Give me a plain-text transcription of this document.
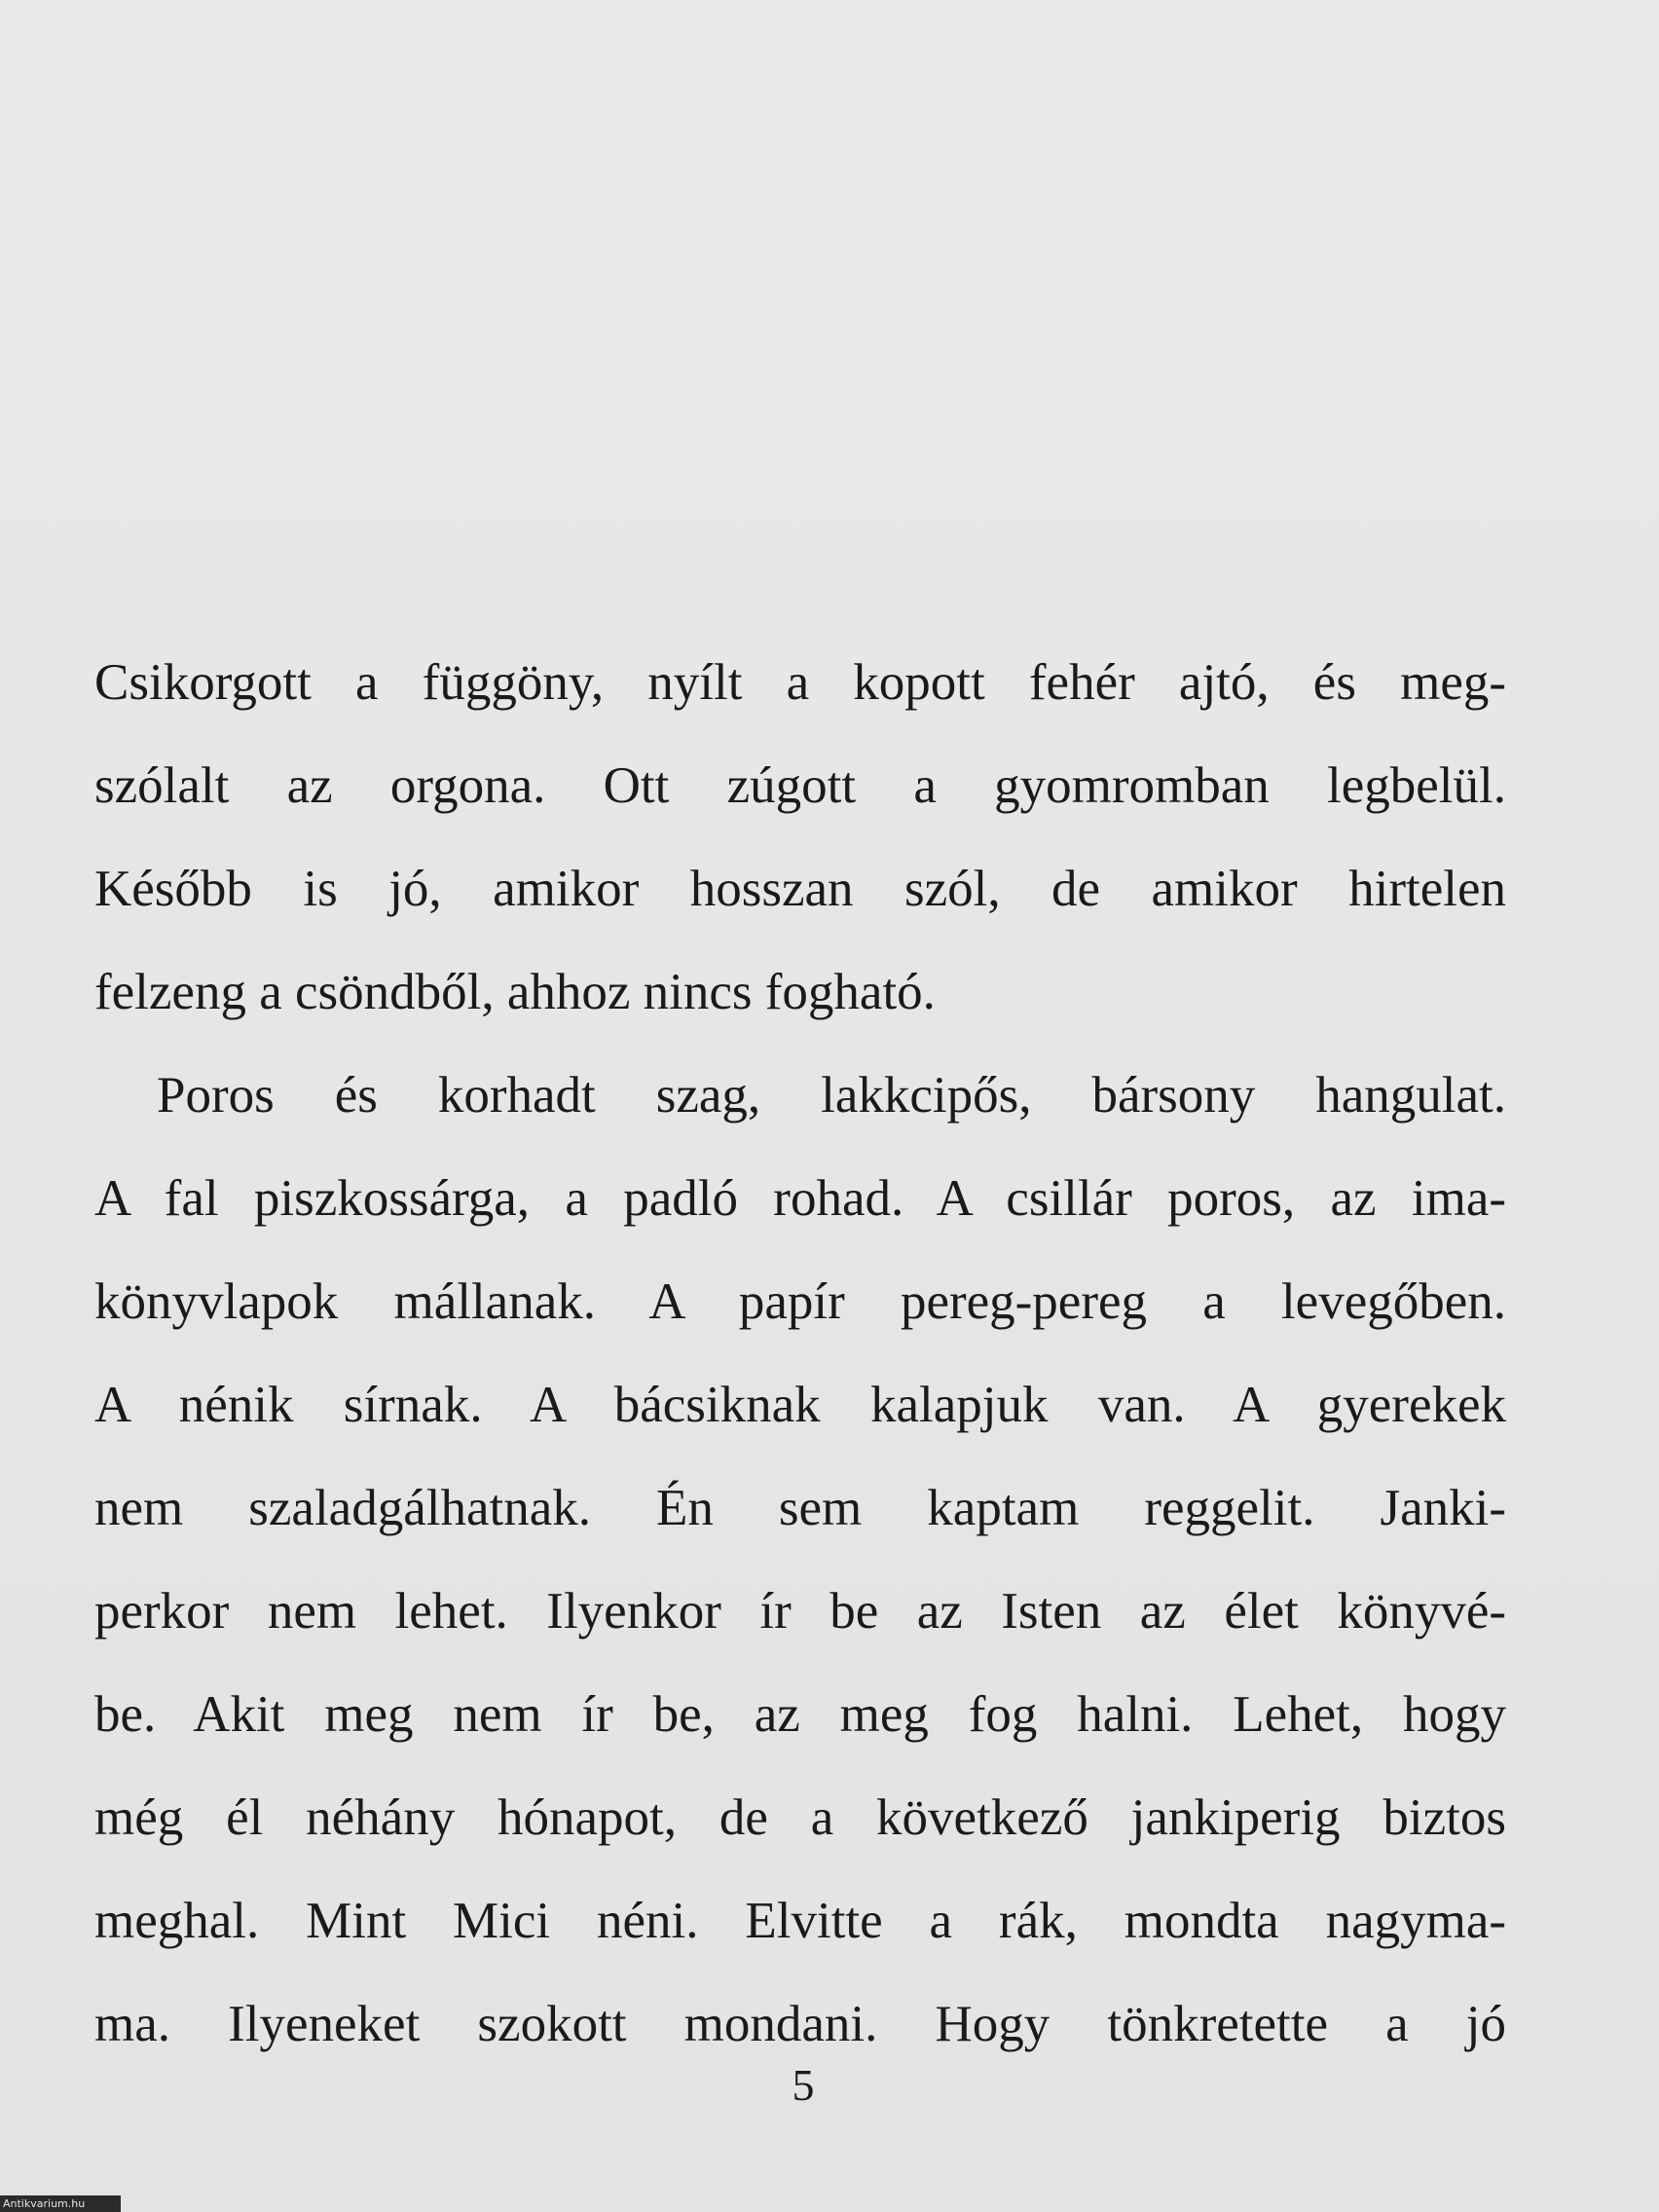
Csikorgott a függöny, nyílt a kopott fehér ajtó, és meg-
szólalt az orgona. Ott zúgott a gyomromban legbelül.
Később is jó, amikor hosszan szól, de amikor hirtelen
felzeng a csöndből, ahhoz nincs fogható.
Poros és korhadt szag, lakkcipős, bársony hangulat.
A fal piszkossárga, a padló rohad. A csillár poros, az ima-
könyvlapok mállanak. A papír pereg-pereg a levegőben.
A nénik sírnak. A bácsiknak kalapjuk van. A gyerekek
nem szaladgálhatnak. Én sem kaptam reggelit. Janki-
perkor nem lehet. Ilyenkor ír be az Isten az élet könyvé-
be. Akit meg nem ír be, az meg fog halni. Lehet, hogy
még él néhány hónapot, de a következő jankiperig biztos
meghal. Mint Mici néni. Elvitte a rák, mondta nagyma-
ma. Ilyeneket szokott mondani. Hogy tönkretette a jó
5
Antikvarium.hu
